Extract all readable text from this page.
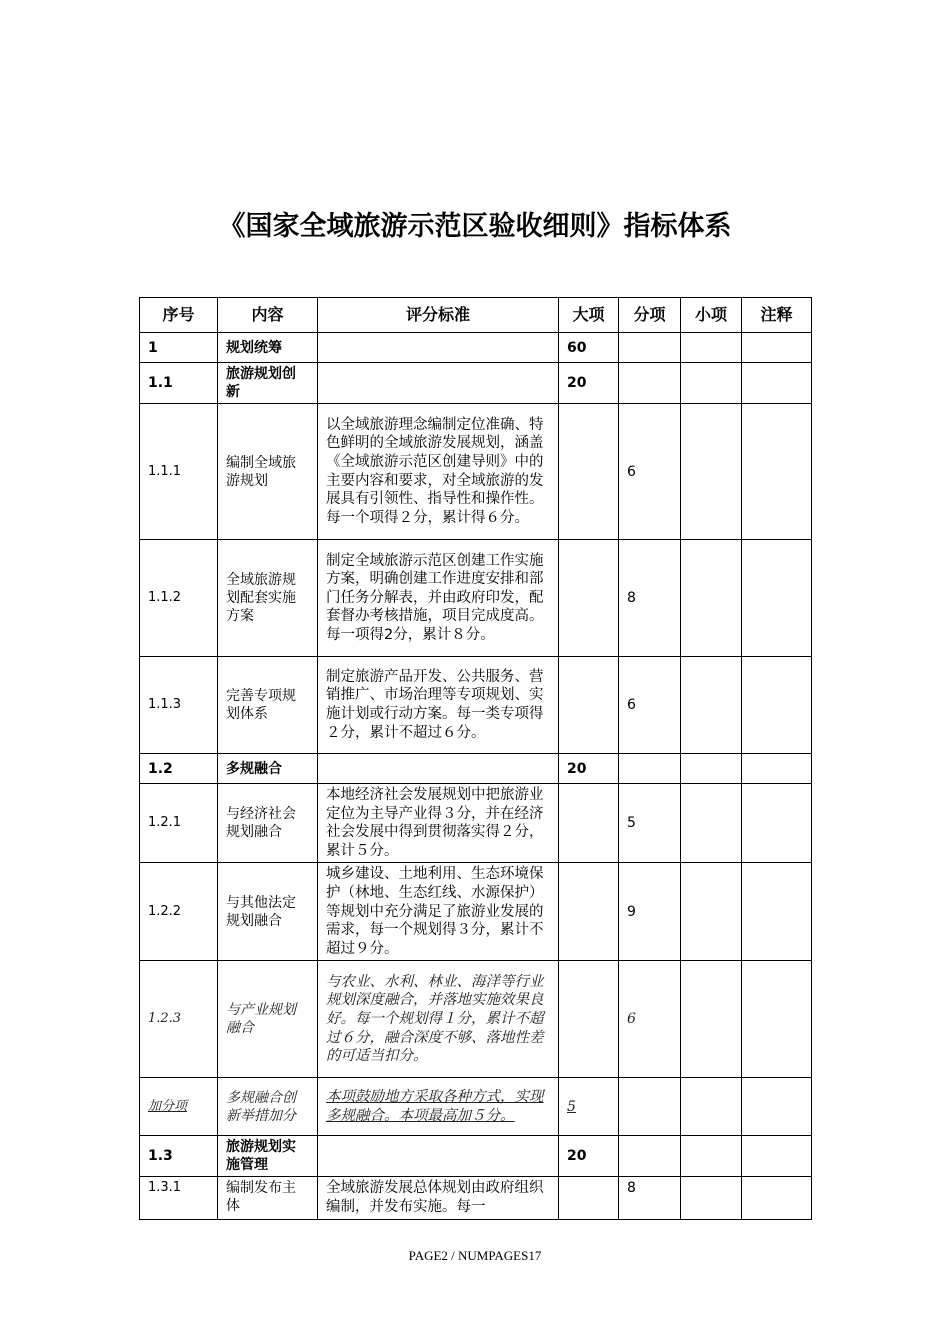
《国家全域旅游示范区验收细则》指标体系
序号	内容	评分标准	大项	分项	小项	注释
1	规划统筹		60			
1.1	旅游规划创新		20			
1.1.1	编制全域旅游规划	以全域旅游理念编制定位准确、特色鲜明的全域旅游发展规划，涵盖《全域旅游示范区创建导则》中的主要内容和要求，对全域旅游的发展具有引领性、指导性和操作性。每一个项得２分，累计得６分。		6		
1.1.2	全域旅游规划配套实施方案	制定全域旅游示范区创建工作实施方案，明确创建工作进度安排和部门任务分解表，并由政府印发，配套督办考核措施，项目完成度高。每一项得2分，累计８分。		8		
1.1.3	完善专项规划体系	制定旅游产品开发、公共服务、营销推广、市场治理等专项规划、实施计划或行动方案。每一类专项得２分，累计不超过６分。		6		
1.2	多规融合		20			
1.2.1	与经济社会规划融合	本地经济社会发展规划中把旅游业定位为主导产业得３分，并在经济社会发展中得到贯彻落实得２分，累计５分。		5		
1.2.2	与其他法定规划融合	城乡建设、土地利用、生态环境保护（林地、生态红线、水源保护）等规划中充分满足了旅游业发展的需求，每一个规划得３分，累计不超过９分。		9		
1.2.3	与产业规划融合	与农业、水利、林业、海洋等行业规划深度融合，并落地实施效果良好。每一个规划得１分，累计不超过６分，融合深度不够、落地性差的可适当扣分。		6		
加分项	多规融合创新举措加分	本项鼓励地方采取各种方式，实现多规融合。本项最高加５分。	5			
1.3	旅游规划实施管理		20			
1.3.1	编制发布主体	全域旅游发展总体规划由政府组织编制，并发布实施。每一		8		
PAGE2 / NUMPAGES17
